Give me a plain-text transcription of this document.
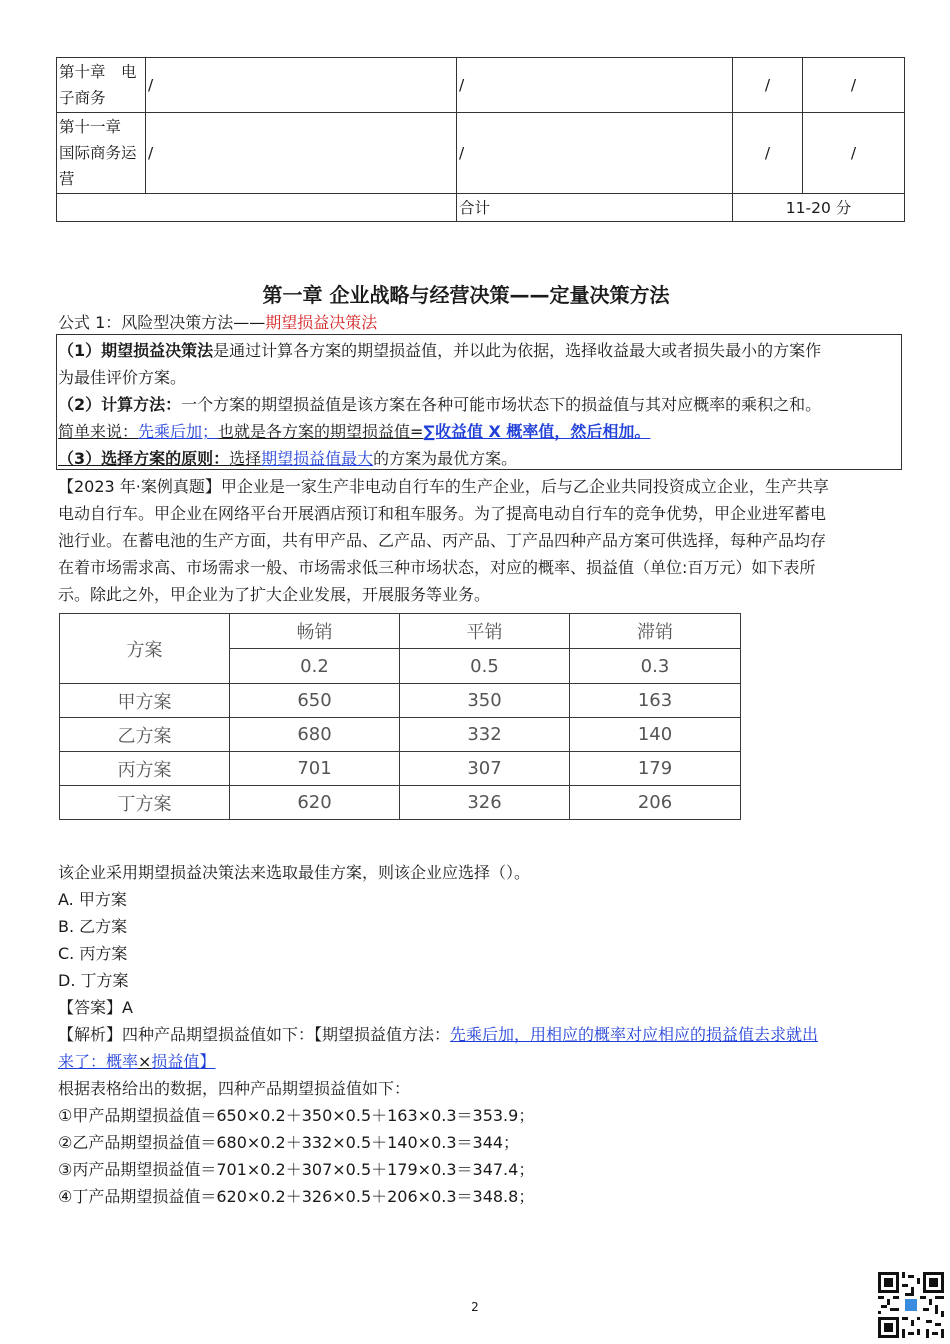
第十章　电
子商务	/	/	/	/

第十一章
国际商务运
营	/	/	/	/
		合计	11-20 分	
第一章 企业战略与经营决策——定量决策方法
公式 1：风险型决策方法——期望损益决策法
（1）期望损益决策法是通过计算各方案的期望损益值，并以此为依据，选择收益最大或者损失最小的方案作
为最佳评价方案。
（2）计算方法：一个方案的期望损益值是该方案在各种可能市场状态下的损益值与其对应概率的乘积之和。
简单来说：先乘后加；也就是各方案的期望损益值=∑收益值 X 概率值，然后相加。
（3）选择方案的原则：选择期望损益值最大的方案为最优方案。
【2023 年·案例真题】甲企业是一家生产非电动自行车的生产企业，后与乙企业共同投资成立企业，生产共享
电动自行车。甲企业在网络平台开展酒店预订和租车服务。为了提高电动自行车的竞争优势，甲企业进军蓄电
池行业。在蓄电池的生产方面，共有甲产品、乙产品、丙产品、丁产品四种产品方案可供选择，每种产品均存
在着市场需求高、市场需求一般、市场需求低三种市场状态，对应的概率、损益值（单位:百万元）如下表所
示。除此之外，甲企业为了扩大企业发展，开展服务等业务。
方案	畅销	平销	滞销
	0.2	0.5	0.3
甲方案	650	350	163
乙方案	680	332	140
丙方案	701	307	179
丁方案	620	326	206
该企业采用期望损益决策法来选取最佳方案，则该企业应选择（）。
A. 甲方案
B. 乙方案
C. 丙方案
D. 丁方案
【答案】A
【解析】四种产品期望损益值如下：【期望损益值方法：先乘后加，用相应的概率对应相应的损益值去求就出
来了：概率×损益值】
根据表格给出的数据，四种产品期望损益值如下：
①甲产品期望损益值＝650×0.2＋350×0.5＋163×0.3＝353.9；
②乙产品期望损益值＝680×0.2＋332×0.5＋140×0.3＝344；
③丙产品期望损益值＝701×0.2＋307×0.5＋179×0.3＝347.4；
④丁产品期望损益值＝620×0.2＋326×0.5＋206×0.3＝348.8；
2
